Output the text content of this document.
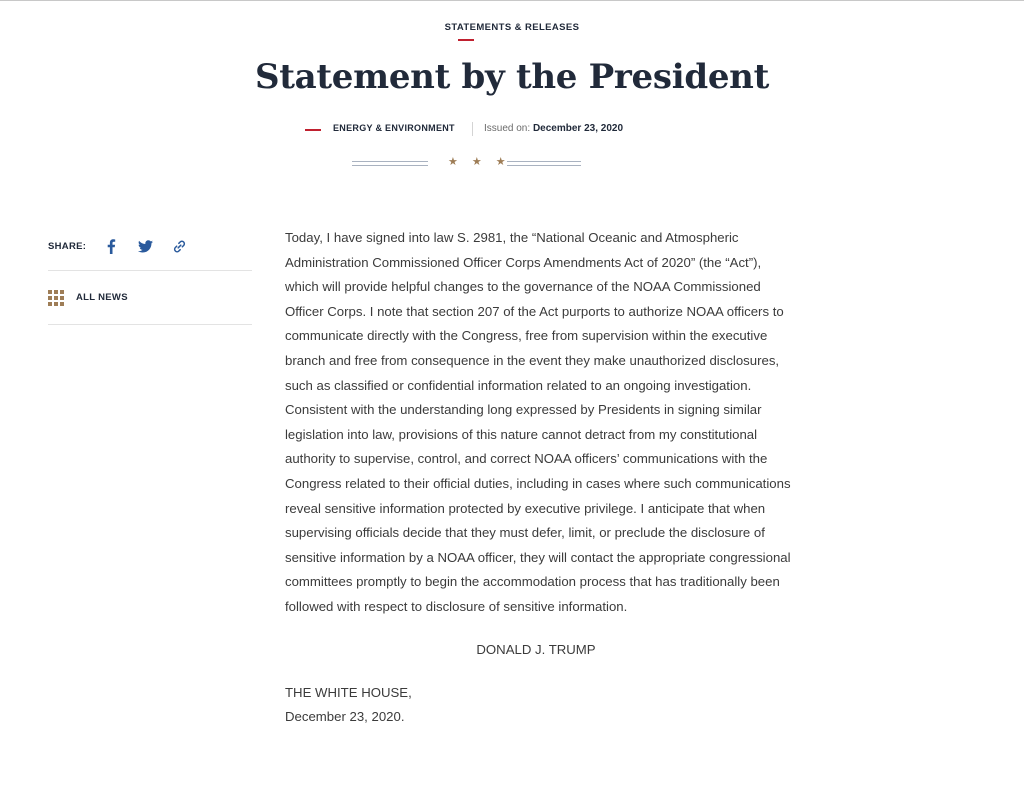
STATEMENTS & RELEASES
Statement by the President
ENERGY & ENVIRONMENT	Issued on: December 23, 2020
★★★
SHARE:
ALL NEWS

Today, I have signed into law S. 2981, the “National Oceanic and Atmospheric Administration Commissioned Officer Corps Amendments Act of 2020” (the “Act”), which will provide helpful changes to the governance of the NOAA Commissioned Officer Corps. I note that section 207 of the Act purports to authorize NOAA officers to communicate directly with the Congress, free from supervision within the executive branch and free from consequence in the event they make unauthorized disclosures, such as classified or confidential information related to an ongoing investigation. Consistent with the understanding long expressed by Presidents in signing similar legislation into law, provisions of this nature cannot detract from my constitutional authority to supervise, control, and correct NOAA officers’ communications with the Congress related to their official duties, including in cases where such communications reveal sensitive information protected by executive privilege. I anticipate that when supervising officials decide that they must defer, limit, or preclude the disclosure of sensitive information by a NOAA officer, they will contact the appropriate congressional committees promptly to begin the accommodation process that has traditionally been followed with respect to disclosure of sensitive information.

DONALD J. TRUMP

THE WHITE HOUSE,
December 23, 2020.
